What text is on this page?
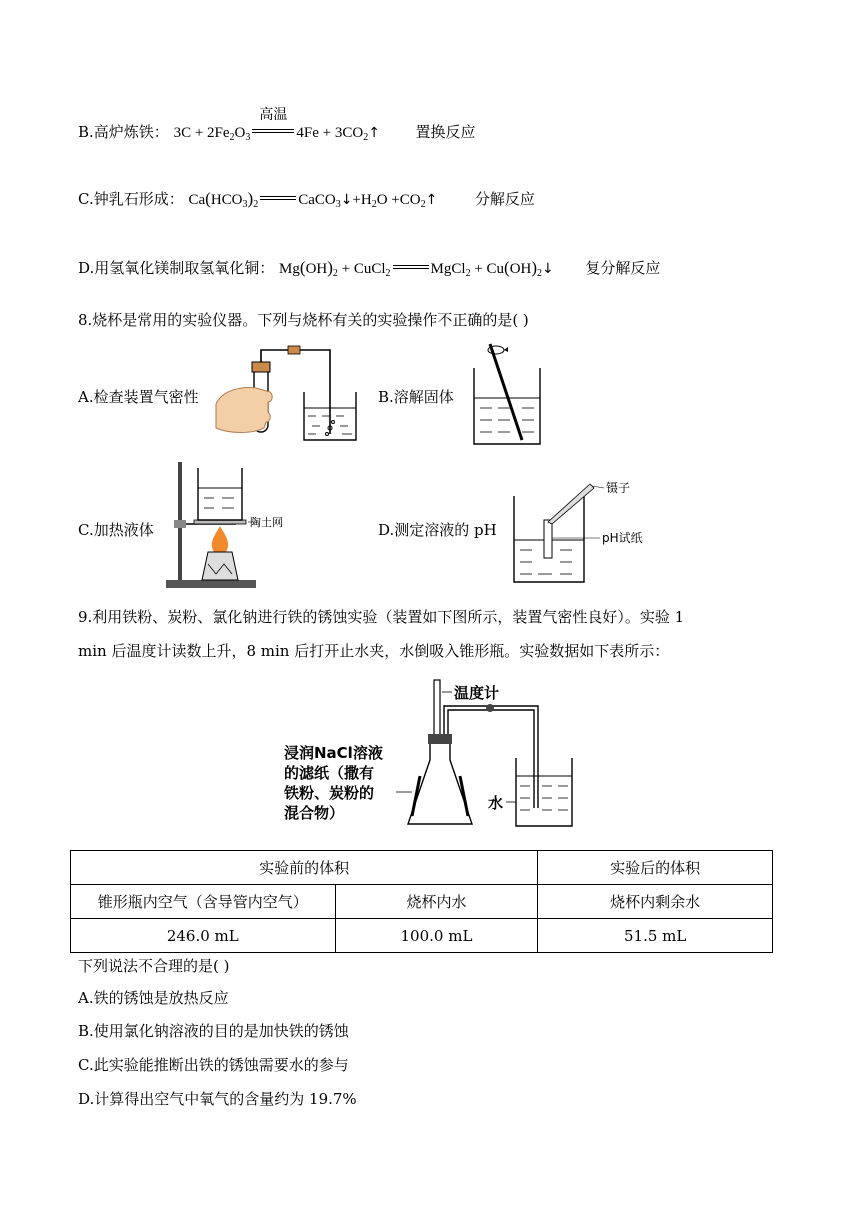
B.高炉炼铁： $3C + 2Fe_2O_3$
高温
$4Fe + 3CO_2↑$ 置换反应
C.钟乳石形成： $Ca(HCO_3)_2$	$CaCO_3↓+H_2O$ $+CO_2↑$	分解反应
D.用氢氧化镁制取氢氧化铜： $Mg(OH)_2$ + CuCl$_2$	MgCl$_2$ + $Cu(OH)_2↓$ 复分解反应
8.烧杯是常用的实验仪器。下列与烧杯有关的实验操作不正确的是( )
A.检查装置气密性	B.溶解固体
C.加热液体	陶土网	D.测定溶液的 pH
镊子
pH试纸
9.利用铁粉、炭粉、氯化钠进行铁的锈蚀实验（装置如下图所示，装置气密性良好）。实验 1
min 后温度计读数上升，8 min 后打开止水夹，水倒吸入锥形瓶。实验数据如下表所示：
温度计
水
浸润NaCl溶液
的滤纸（撒有
铁粉、炭粉的
混合物）
实验前的体积		实验后的体积
锥形瓶内空气（含导管内空气）	烧杯内水	烧杯内剩余水
246.0 mL	100.0 mL	51.5 mL
下列说法不合理的是( )
A.铁的锈蚀是放热反应
B.使用氯化钠溶液的目的是加快铁的锈蚀
C.此实验能推断出铁的锈蚀需要水的参与
D.计算得出空气中氧气的含量约为 19.7%
